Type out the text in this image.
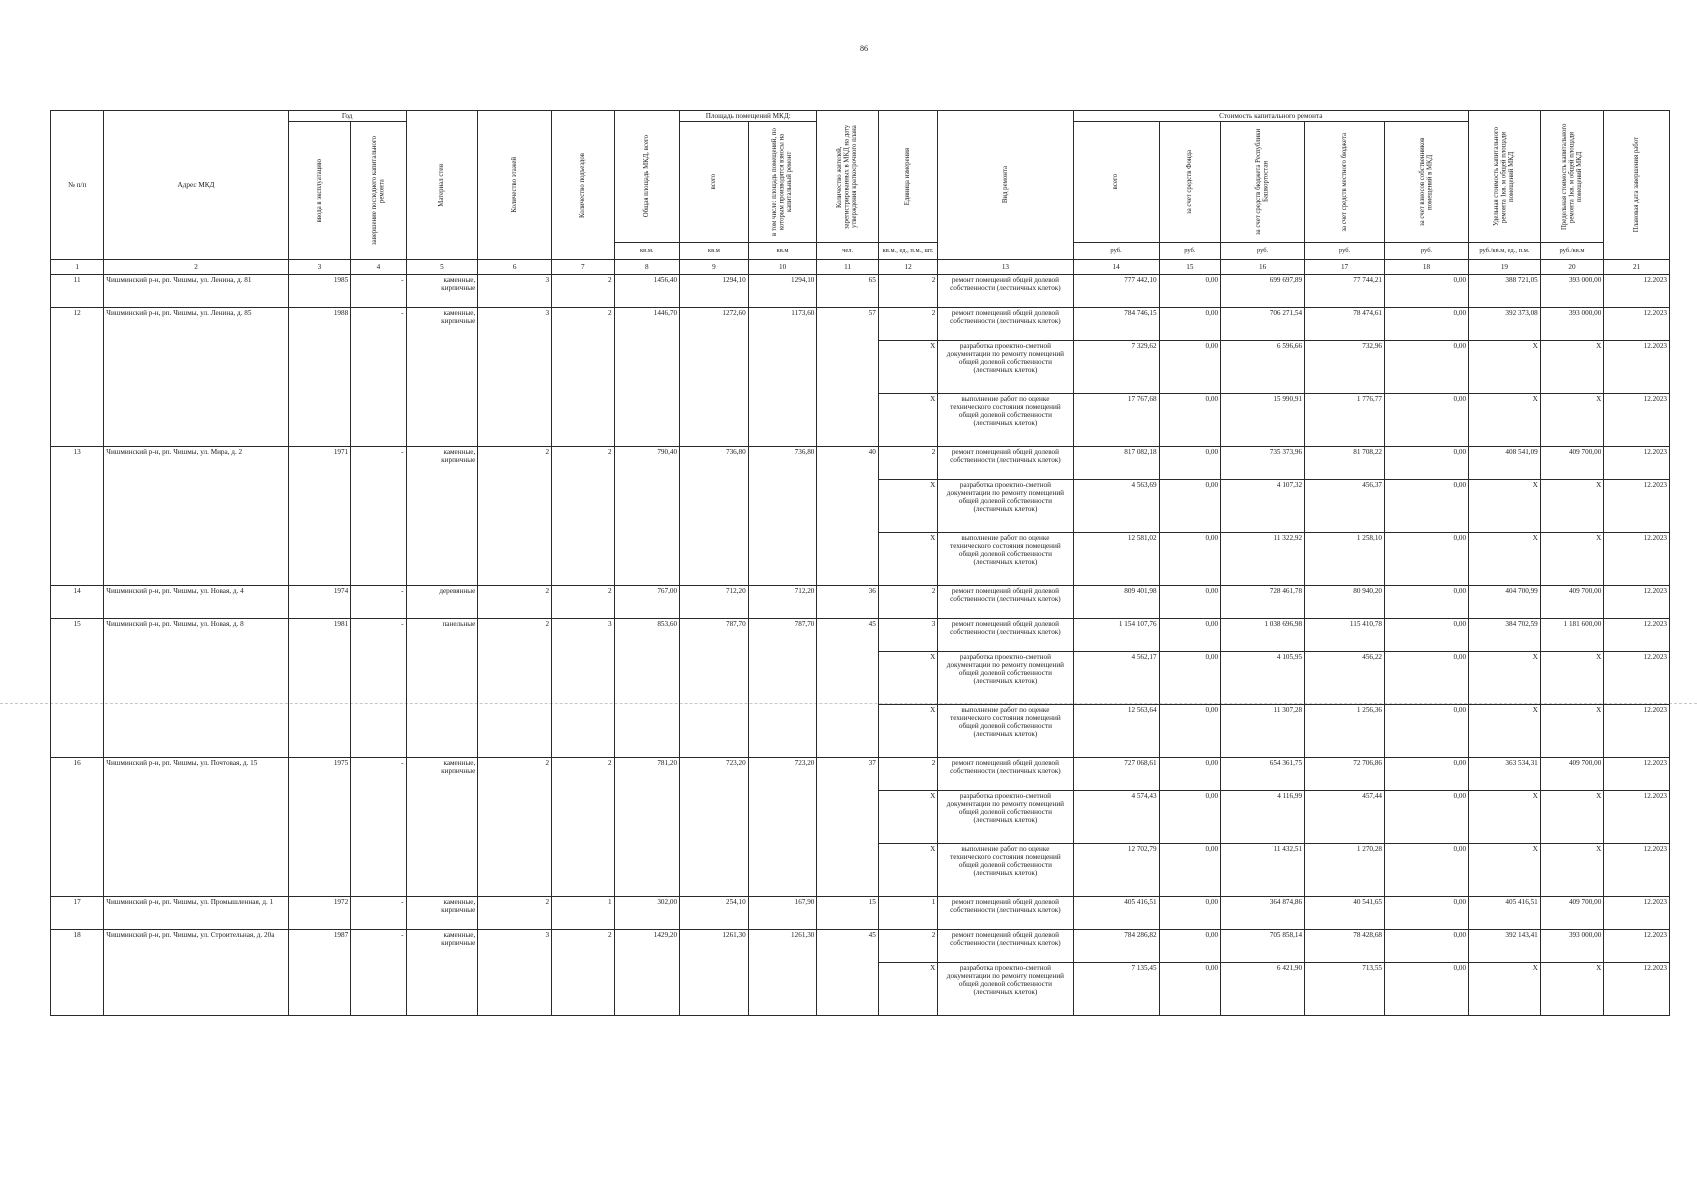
86
№ п/п	Адрес МКД	Год		Материал стен	Количество этажей	Количество подъездов	Общая площадь МКД, всего	Площадь помещений МКД:		Количество жителей, зарегистрированных в МКД на дату утверждения краткосрочного плана	Единица измерения	Вид ремонта	Стоимость капитального ремонта					Удельная стоимость капитального ремонта 1кв. м общей площади помещений МКД	Предельная стоимость капитального ремонта 1кв. м общей площади помещений МКД	Плановая дата завершения работ

		ввода в эксплуатацию	завершение последнего капитального ремонта					всего	в том числе: площадь помещений, по которым производятся взносы на капитальный ремонт				всего	за счет средств Фонда	за счет средств бюджета Республики Башкортостан	за счет средств местного бюджета	за счет взносов собственников помещений в МКД			

							кв.м.	кв.м	кв.м	чел.	кв.м., ед., п.м., шт.		руб.	руб.	руб.	руб.	руб.	руб./кв.м, ед., п.м.	руб./кв.м	
1	2	3	4	5	6	7	8	9	10	11	12	13	14	15	16	17	18	19	20	21
11	Чишминский р-н, рп. Чишмы, ул. Ленина, д. 81	1985	-	каменные, кирпичные	3	2	1456,40	1294,10	1294,10	65	2	ремонт помещений общей долевой собственности (лестничных клеток)	777 442,10	0,00	699 697,89	77 744,21	0,00	388 721,05	393 000,00	12.2023
12	Чишминский р-н, рп. Чишмы, ул. Ленина, д. 85	1988	-	каменные, кирпичные	3	2	1446,70	1272,60	1173,60	57	2	ремонт помещений общей долевой собственности (лестничных клеток)	784 746,15	0,00	706 271,54	78 474,61	0,00	392 373,08	393 000,00	12.2023
											X	разработка проектно-сметной документации по ремонту помещений общей долевой собственности (лестничных клеток)	7 329,62	0,00	6 596,66	732,96	0,00	X	X	12.2023
											X	выполнение работ по оценке технического состояния помещений общей долевой собственности (лестничных клеток)	17 767,68	0,00	15 990,91	1 776,77	0,00	X	X	12.2023
13	Чишминский р-н, рп. Чишмы, ул. Мира, д. 2	1971	-	каменные, кирпичные	2	2	790,40	736,80	736,80	40	2	ремонт помещений общей долевой собственности (лестничных клеток)	817 082,18	0,00	735 373,96	81 708,22	0,00	408 541,09	409 700,00	12.2023
											X	разработка проектно-сметной документации по ремонту помещений общей долевой собственности (лестничных клеток)	4 563,69	0,00	4 107,32	456,37	0,00	X	X	12.2023
											X	выполнение работ по оценке технического состояния помещений общей долевой собственности (лестничных клеток)	12 581,02	0,00	11 322,92	1 258,10	0,00	X	X	12.2023
14	Чишминский р-н, рп. Чишмы, ул. Новая, д. 4	1974	-	деревянные	2	2	767,00	712,20	712,20	36	2	ремонт помещений общей долевой собственности (лестничных клеток)	809 401,98	0,00	728 461,78	80 940,20	0,00	404 700,99	409 700,00	12.2023
15	Чишминский р-н, рп. Чишмы, ул. Новая, д. 8	1981	-	панельные	2	3	853,60	787,70	787,70	45	3	ремонт помещений общей долевой собственности (лестничных клеток)	1 154 107,76	0,00	1 038 696,98	115 410,78	0,00	384 702,59	1 181 600,00	12.2023
											X	разработка проектно-сметной документации по ремонту помещений общей долевой собственности (лестничных клеток)	4 562,17	0,00	4 105,95	456,22	0,00	X	X	12.2023
											X	выполнение работ по оценке технического состояния помещений общей долевой собственности (лестничных клеток)	12 563,64	0,00	11 307,28	1 256,36	0,00	X	X	12.2023
16	Чишминский р-н, рп. Чишмы, ул. Почтовая, д. 15	1975	-	каменные, кирпичные	2	2	781,20	723,20	723,20	37	2	ремонт помещений общей долевой собственности (лестничных клеток)	727 068,61	0,00	654 361,75	72 706,86	0,00	363 534,31	409 700,00	12.2023
											X	разработка проектно-сметной документации по ремонту помещений общей долевой собственности (лестничных клеток)	4 574,43	0,00	4 116,99	457,44	0,00	X	X	12.2023
											X	выполнение работ по оценке технического состояния помещений общей долевой собственности (лестничных клеток)	12 702,79	0,00	11 432,51	1 270,28	0,00	X	X	12.2023
17	Чишминский р-н, рп. Чишмы, ул. Промышленная, д. 1	1972	-	каменные, кирпичные	2	1	302,00	254,10	167,90	15	1	ремонт помещений общей долевой собственности (лестничных клеток)	405 416,51	0,00	364 874,86	40 541,65	0,00	405 416,51	409 700,00	12.2023
18	Чишминский р-н, рп. Чишмы, ул. Строительная, д. 20а	1987	-	каменные, кирпичные	3	2	1429,20	1261,30	1261,30	45	2	ремонт помещений общей долевой собственности (лестничных клеток)	784 286,82	0,00	705 858,14	78 428,68	0,00	392 143,41	393 000,00	12.2023
											X	разработка проектно-сметной документации по ремонту помещений общей долевой собственности (лестничных клеток)	7 135,45	0,00	6 421,90	713,55	0,00	X	X	12.2023
